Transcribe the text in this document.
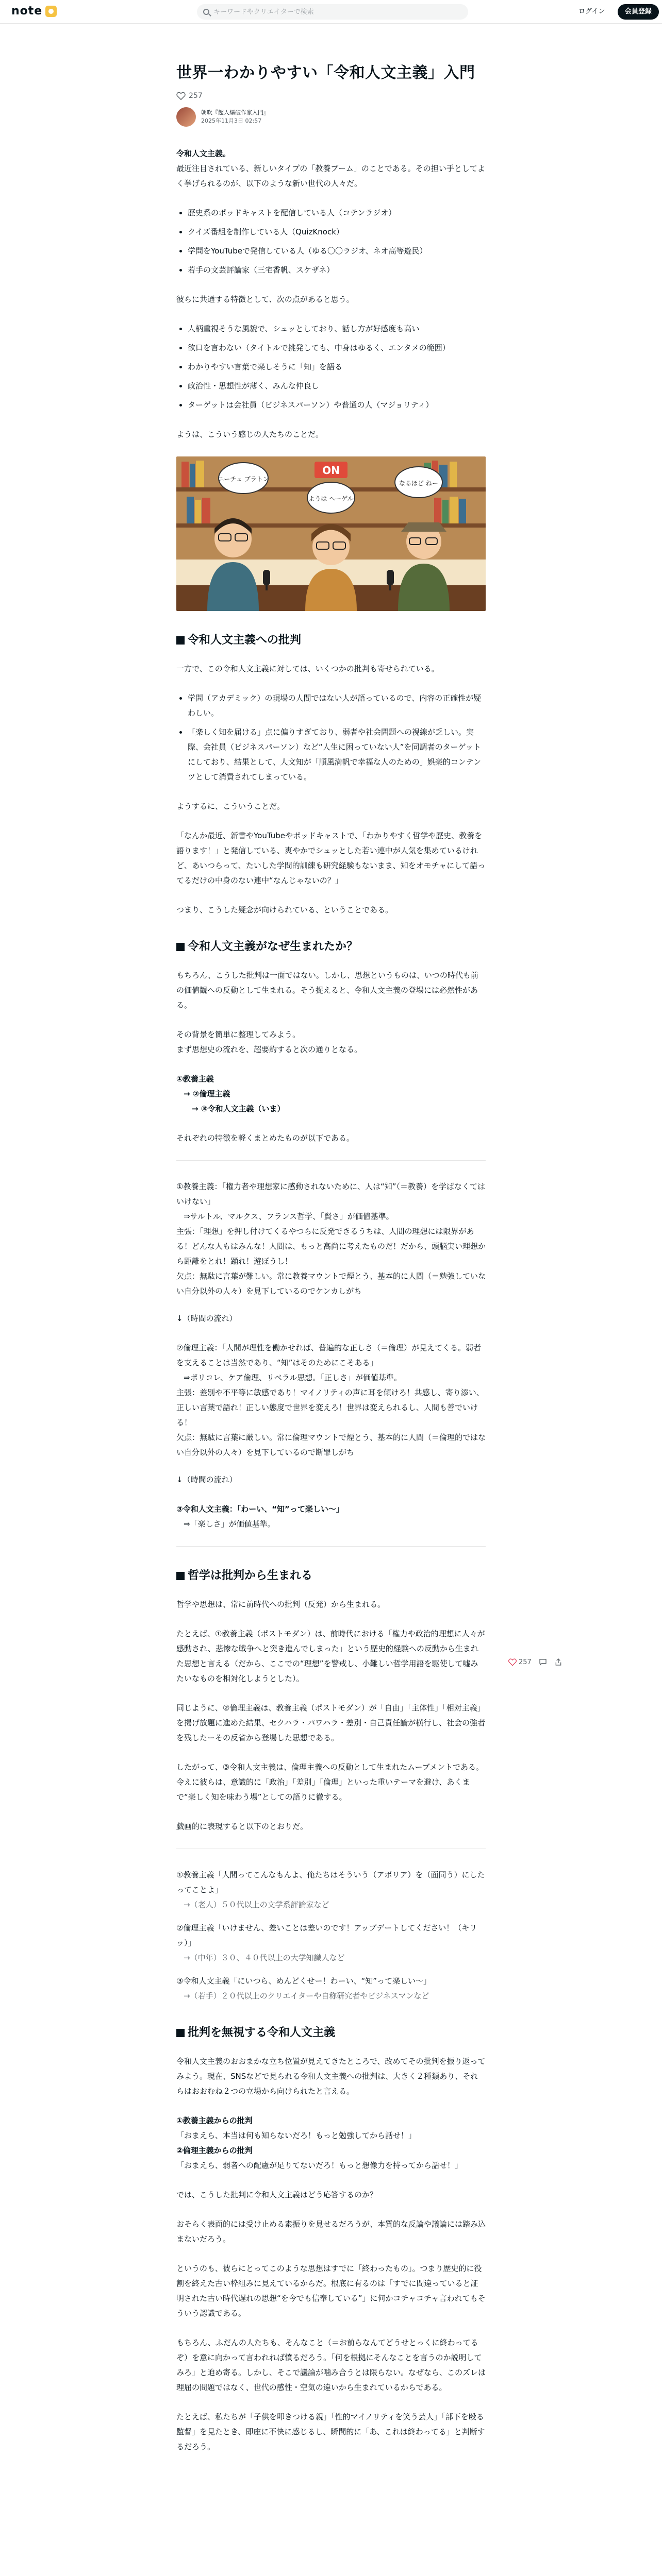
note
キーワードやクリエイターで検索	ログイン	会員登録
世界一わかりやすい「令和人文主義」入門
257
朝吹『超人爆破作家入門』
2025年11月3日 02:57

令和人文主義。
最近注目されている、新しいタイプの「教養ブーム」のことである。その担い手としてよく挙げられるのが、以下のような新い世代の人々だ。

歴史系のポッドキャストを配信している人（コテンラジオ）
クイズ番組を制作している人（QuizKnock）
学問をYouTubeで発信している人（ゆる〇〇ラジオ、ネオ高等遊民）
若手の文芸評論家（三宅香帆、スケザネ）

彼らに共通する特徴として、次の点があると思う。

人柄重視そうな風貌で、シュッとしており、話し方が好感度も高い
欲口を言わない（タイトルで挑発しても、中身はゆるく、エンタメの範囲）
わかりやすい言葉で楽しそうに「知」を語る
政治性・思想性が薄く、みんな仲良し
ターゲットは会社員（ビジネスパーソン）や普通の人（マジョリティ）

ようは、こういう感じの人たちのことだ。

ON
ニーチェ プラトン
ようは ヘーゲル
なるほど ねー
令和人文主義への批判

一方で、この令和人文主義に対しては、いくつかの批判も寄せられている。

学問（アカデミック）の現場の人間ではない人が語っているので、内容の正確性が疑わしい。
「楽しく知を届ける」点に偏りすぎており、弱者や社会問題への視線が乏しい。実際、会社員（ビジネスパーソン）など“人生に困っていない人”を同調者のターゲットにしており、結果として、人文知が「順風満帆で幸福な人のための」娯楽的コンテンツとして消費されてしまっている。

ようするに、こういうことだ。

「なんか最近、新書やYouTubeやポッドキャストで、「わかりやすく哲学や歴史、教養を語ります！」と発信している、爽やかでシュッとした若い連中が人気を集めているけれど、あいつらって、たいした学問的訓練も研究経験もないまま、知をオモチャにして語ってるだけの中身のない連中“なんじゃないの？」

つまり、こうした疑念が向けられている、ということである。

令和人文主義がなぜ生まれたか？

もちろん、こうした批判は一面ではない。しかし、思想というものは、いつの時代も前の価値観への反動として生まれる。そう捉えると、令和人文主義の登場には必然性がある。

その背景を簡単に整理してみよう。
まず思想史の流れを、超要約すると次の通りとなる。

①教養主義
→ ②倫理主義
→ ③令和人文主義（いま）

それぞれの特徴を軽くまとめたものが以下である。

①教養主義：「権力者や理想家に感動されないために、人は“知”（＝教養）を学ばなくてはいけない」
⇒サルトル、マルクス、フランス哲学、「賢さ」が価値基準。
主張：「理想」を押し付けてくるやつらに反発できるうちは、人間の理想には限界がある！どんな人もはみんな！人間は、もっと高尚に考えたものだ！だから、頭脳実い理想から距離をとれ！踊れ！遊ぼうし！
欠点：無駄に言葉が難しい。常に教養マウントで煙とう、基本的に人間（＝勉強していない自分以外の人々）を見下しているのでケンカしがち

↓（時間の流れ）

②倫理主義：「人間が理性を働かせれば、普遍的な正しさ（＝倫理）が見えてくる。弱者を支えることは当然であり、“知”はそのためにこそある」
⇒ポリコレ、ケア倫理、リベラル思想。「正しさ」が価値基準。
主張：差別や不平等に敏感であり！マイノリティの声に耳を傾けろ！共感し、寄り添い、正しい言葉で語れ！正しい態度で世界を変えろ！世界は変えられるし、人間も善でいける！
欠点：無駄に言葉に厳しい。常に倫理マウントで煙とう、基本的に人間（＝倫理的ではない自分以外の人々）を見下しているので断罪しがち

↓（時間の流れ）

③令和人文主義：「わーい、“知”って楽しい〜」
⇒「楽しさ」が価値基準。
哲学は批判から生まれる

哲学や思想は、常に前時代への批判（反発）から生まれる。

たとえば、①教養主義（ポストモダン）は、前時代における「権力や政治的理想に人々が感動され、悲惨な戦争へと突き進んでしまった」という歴史的経験への反動から生まれた思想と言える（だから、ここでの“理想”を警戒し、小難しい哲学用語を駆使して嘘みたいなものを相対化しようとした）。

同じように、②倫理主義は、教養主義（ポストモダン）が「自由」「主体性」「相対主義」を掲げ放題に進めた結果、セクハラ・パワハラ・差別・自己責任論が横行し、社会の強者を残したーその反省から登場した思想である。

したがって、③令和人文主義は、倫理主義への反動として生まれたムーブメントである。令えに彼らは、意識的に「政治」「差別」「倫理」といった重いテーマを避け、あくまで“楽しく知を味わう場”としての語りに徹する。

戯画的に表現すると以下のとおりだ。

①教養主義「人間ってこんなもんよ、俺たちはそういう（アボリア）を（面同う）にしたってことよ」
→（老人）５０代以上の文学系評論家など
②倫理主義「いけません、差いことは差いのです！アップデートしてください！（キリッ）」
→（中年）３０、４０代以上の大学知識人など
③令和人文主義「にいつら、めんどくせー！わーい、“知”って楽しい〜」
→（若手）２０代以上のクリエイターや自称研究者やビジネスマンなど
批判を無視する令和人文主義

令和人文主義のおおまかな立ち位置が見えてきたところで、改めてその批判を振り返ってみよう。現在、SNSなどで見られる令和人文主義への批判は、大きく２種類あり、それらはおおむね２つの立場から向けられたと言える。

①教養主義からの批判
「おまえら、本当は何も知らないだろ！もっと勉強してから話せ！」
②倫理主義からの批判
「おまえら、弱者への配慮が足りてないだろ！もっと想像力を持ってから話せ！」

では、こうした批判に令和人文主義はどう応答するのか？

おそらく表面的には受け止める素振りを見せるだろうが、本質的な反論や議論には踏み込まないだろう。

というのも、彼らにとってこのような思想はすでに「終わったもの」。つまり歴史的に役割を終えた古い枠組みに見えているからだ。根底に有るのは「すでに間違っていると証明された古い時代遅れの思想“を今でも信奉している”」に何かコチャコチャ言われてもそういう認識である。

もちろん、ふだんの人たちも、そんなこと（＝お前らなんてどうせとっくに終わってるぞ）を意に向かって言われれば憤るだろう。「何を根拠にそんなことを言うのか説明してみろ」と迫め寄る。しかし、そこで議論が噛み合うとは限らない。なぜなら、このズレは理屈の問題ではなく、世代の感性・空気の違いから生まれているからである。

たとえば、私たちが「子供を叩きつける親」「性的マイノリティを笑う芸人」「部下を殴る監督」を見たとき、即座に不快に感じるし、瞬間的に「あ、これは終わってる」と判断するだろう。

257
